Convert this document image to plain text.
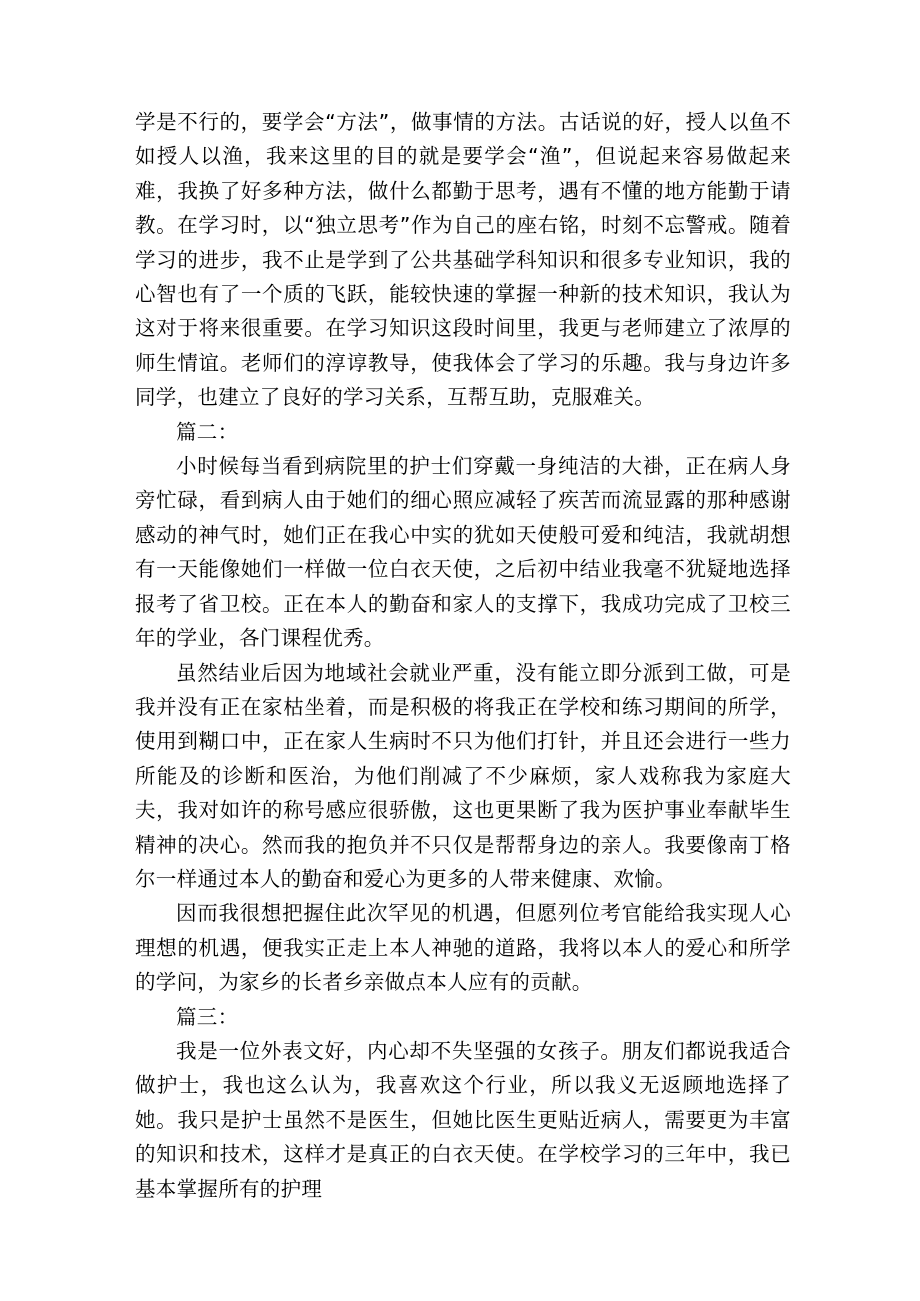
学是不行的，要学会“方法”，做事情的方法。古话说的好，授人以鱼不如授人以渔，我来这里的目的就是要学会“渔”，但说起来容易做起来难，我换了好多种方法，做什么都勤于思考，遇有不懂的地方能勤于请教。在学习时，以“独立思考”作为自己的座右铭，时刻不忘警戒。随着学习的进步，我不止是学到了公共基础学科知识和很多专业知识，我的心智也有了一个质的飞跃，能较快速的掌握一种新的技术知识，我认为这对于将来很重要。在学习知识这段时间里，我更与老师建立了浓厚的师生情谊。老师们的淳谆教导，使我体会了学习的乐趣。我与身边许多同学，也建立了良好的学习关系，互帮互助，克服难关。

篇二：

小时候每当看到病院里的护士们穿戴一身纯洁的大褂，正在病人身旁忙碌，看到病人由于她们的细心照应减轻了疾苦而流显露的那种感谢感动的神气时，她们正在我心中实的犹如天使般可爱和纯洁，我就胡想有一天能像她们一样做一位白衣天使，之后初中结业我毫不犹疑地选择报考了省卫校。正在本人的勤奋和家人的支撑下，我成功完成了卫校三年的学业，各门课程优秀。

虽然结业后因为地域社会就业严重，没有能立即分派到工做，可是我并没有正在家枯坐着，而是积极的将我正在学校和练习期间的所学，使用到糊口中，正在家人生病时不只为他们打针，并且还会进行一些力所能及的诊断和医治，为他们削减了不少麻烦，家人戏称我为家庭大夫，我对如许的称号感应很骄傲，这也更果断了我为医护事业奉献毕生精神的决心。然而我的抱负并不只仅是帮帮身边的亲人。我要像南丁格尔一样通过本人的勤奋和爱心为更多的人带来健康、欢愉。

因而我很想把握住此次罕见的机遇，但愿列位考官能给我实现人心理想的机遇，便我实正走上本人神驰的道路，我将以本人的爱心和所学的学问，为家乡的长者乡亲做点本人应有的贡献。

篇三：

我是一位外表文好，内心却不失坚强的女孩子。朋友们都说我适合做护士，我也这么认为，我喜欢这个行业，所以我义无返顾地选择了她。我只是护士虽然不是医生，但她比医生更贴近病人，需要更为丰富的知识和技术，这样才是真正的白衣天使。在学校学习的三年中，我已基本掌握所有的护理
